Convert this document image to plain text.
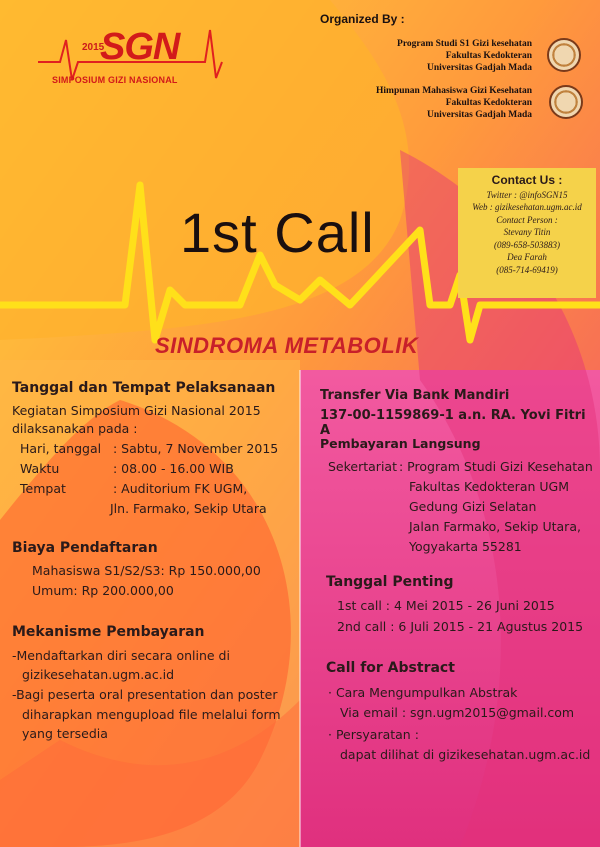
2015
SGN
SIMPOSIUM GIZI NASIONAL
Organized By :
Program Studi S1 Gizi kesehatan
Fakultas Kedokteran
Universitas Gadjah Mada
Himpunan Mahasiswa Gizi Kesehatan
Fakultas Kedokteran
Universitas Gadjah Mada
Contact Us :
Twitter : @infoSGN15
Web : gizikesehatan.ugm.ac.id
Contact Person :
Stevany Titin
(089-658-503883)
Dea Farah
(085-714-69419)
1st Call
SINDROMA METABOLIK
Tanggal dan Tempat Pelaksanaan
Kegiatan Simposium Gizi Nasional 2015
dilaksanakan pada :
Hari, tanggal : Sabtu, 7 November 2015
Waktu	: 08.00 - 16.00 WIB
Tempat	: Auditorium FK UGM,
Jln. Farmako, Sekip Utara
Biaya Pendaftaran
Mahasiswa S1/S2/S3: Rp 150.000,00
Umum: Rp 200.000,00
Mekanisme Pembayaran
-Mendaftarkan diri secara online di
gizikesehatan.ugm.ac.id
-Bagi peserta oral presentation dan poster
diharapkan mengupload file melalui form
yang tersedia
Transfer Via Bank Mandiri
137-00-1159869-1 a.n. RA. Yovi Fitri A
Pembayaran Langsung
Sekertariat : Program Studi Gizi Kesehatan
Fakultas Kedokteran UGM
Gedung Gizi Selatan
Jalan Farmako, Sekip Utara,
Yogyakarta 55281
Tanggal Penting
1st call : 4 Mei 2015 - 26 Juni 2015
2nd call : 6 Juli 2015 - 21 Agustus 2015
Call for Abstract
· Cara Mengumpulkan Abstrak
Via email : sgn.ugm2015@gmail.com
· Persyaratan :
dapat dilihat di gizikesehatan.ugm.ac.id
